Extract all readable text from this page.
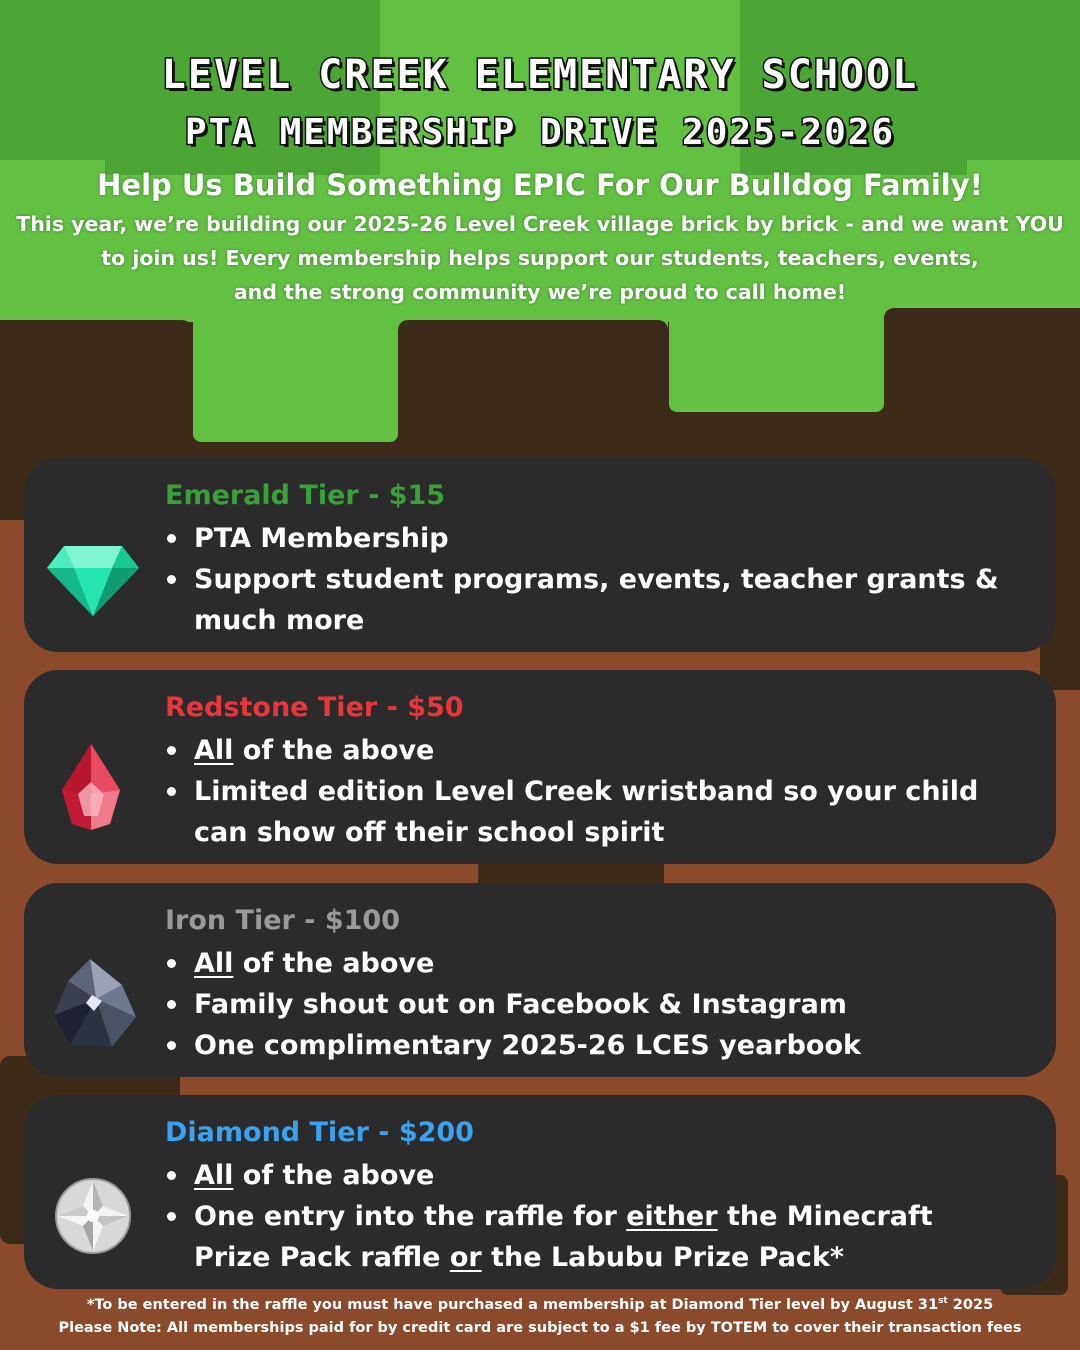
LEVEL CREEK ELEMENTARY SCHOOL
PTA MEMBERSHIP DRIVE 2025-2026
Help Us Build Something EPIC For Our Bulldog Family!
This year, we’re building our 2025-26 Level Creek village brick by brick - and we want YOU
to join us! Every membership helps support our students, teachers, events,
and the strong community we’re proud to call home!
Emerald Tier - $15
PTA Membership
Support student programs, events, teacher grants &
much more
Redstone Tier - $50
All of the above
Limited edition Level Creek wristband so your child
can show off their school spirit
Iron Tier - $100
All of the above
Family shout out on Facebook & Instagram
One complimentary 2025-26 LCES yearbook
Diamond Tier - $200
All of the above
One entry into the raffle for either the Minecraft
Prize Pack raffle or the Labubu Prize Pack*
*To be entered in the raffle you must have purchased a membership at Diamond Tier level by August 31st 2025
Please Note: All memberships paid for by credit card are subject to a $1 fee by TOTEM to cover their transaction fees
